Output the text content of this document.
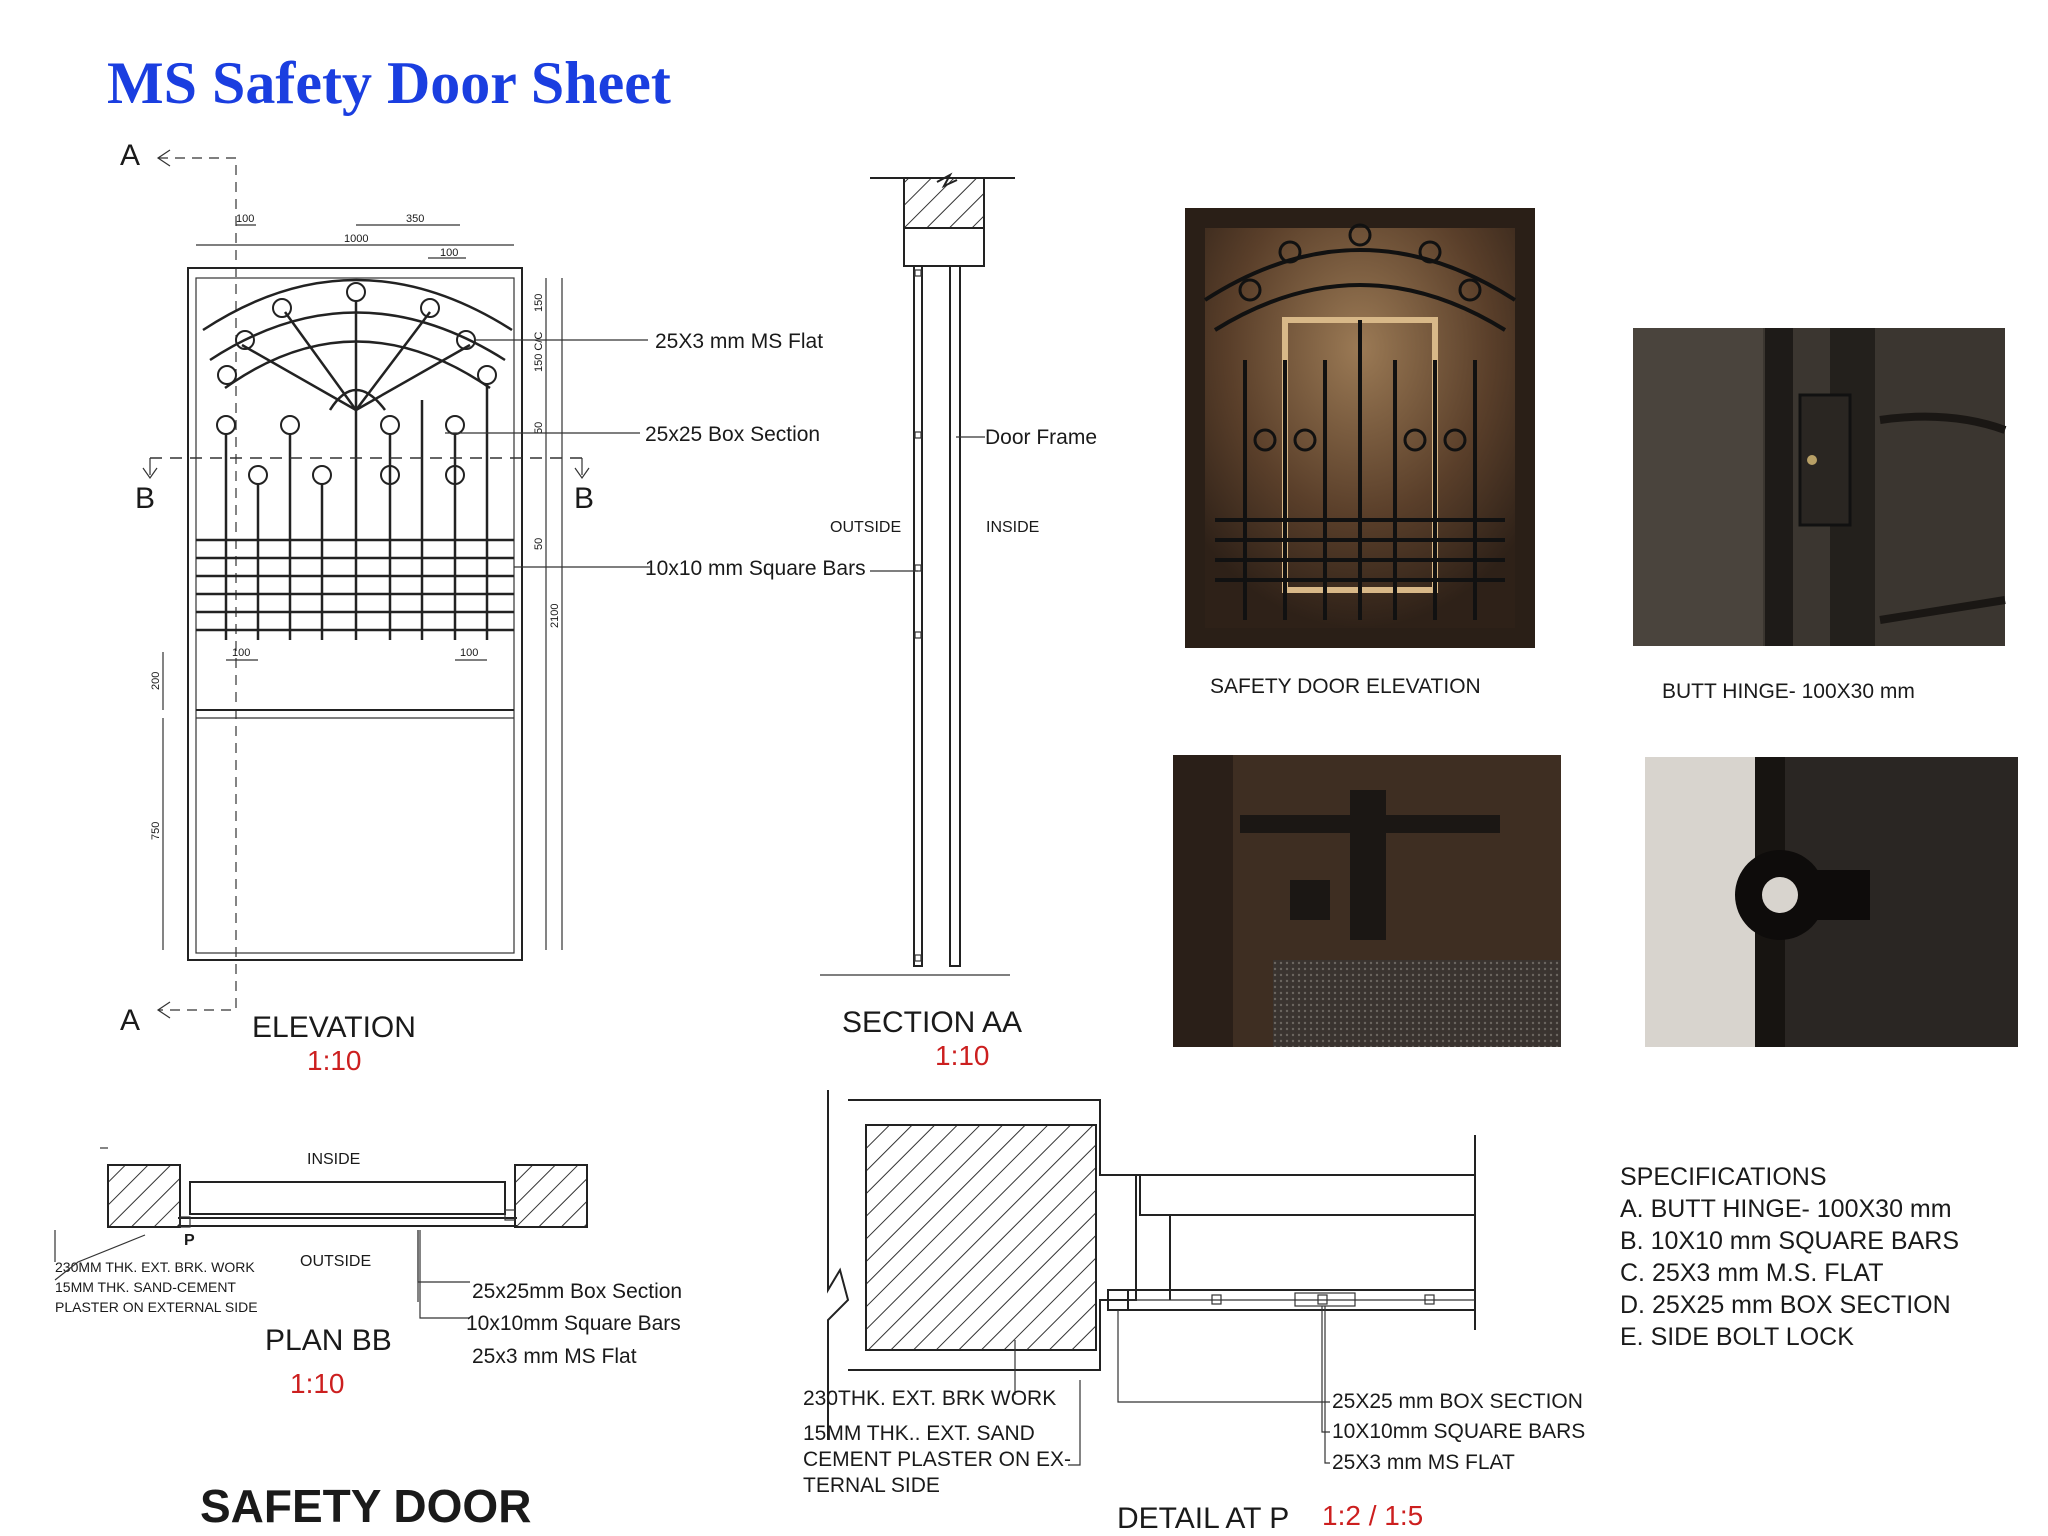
MS Safety Door Sheet
A
A
B	B
100	350
1000
100
150
150 C/C
50
50
2100
100	100
200
750
25X3 mm MS Flat
25x25 Box Section
10x10 mm Square Bars
ELEVATION
1:10
Door Frame
OUTSIDE	INSIDE
SECTION AA
1:10
SAFETY DOOR ELEVATION	BUTT HINGE- 100X30 mm
INSIDE
OUTSIDE
P
230MM THK. EXT. BRK. WORK
15MM THK. SAND-CEMENT
PLASTER ON EXTERNAL SIDE
25x25mm Box Section
10x10mm Square Bars
25x3 mm MS Flat
PLAN BB
1:10	230THK. EXT. BRK WORK
15MM THK.. EXT. SAND
CEMENT PLASTER ON EX-
TERNAL SIDE
25X25 mm BOX SECTION
10X10mm SQUARE BARS
25X3 mm MS FLAT
DETAIL AT P 1:2 / 1:5
SPECIFICATIONS
A. BUTT HINGE- 100X30 mm
B. 10X10 mm SQUARE BARS
C. 25X3 mm M.S. FLAT
D. 25X25 mm BOX SECTION
E. SIDE BOLT LOCK
SAFETY DOOR
